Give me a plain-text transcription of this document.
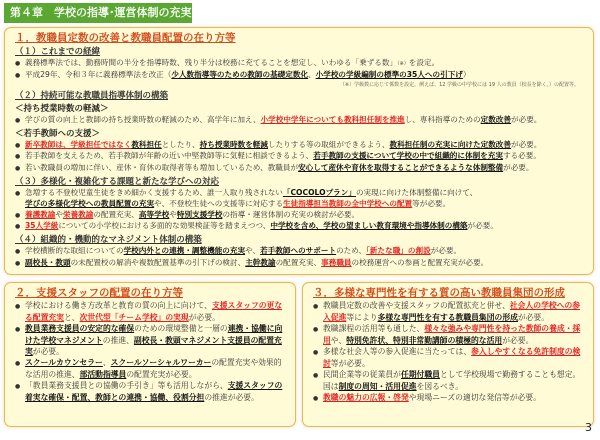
第４章　学校の指導･運営体制の充実
１．教職員定数の改善と教職員配置の在り方等
（１）これまでの経緯
● 義務標準法では、勤務時間の半分を指導時数、残り半分は校務に充てることを想定し、いわゆる「乗ずる数」（※）を設定。
● 平成29年、令和３年に義務標準法を改正（少人数指導等のための教師の基礎定数化、小学校の学級編制の標準の35人への引下げ）
（※）学級数に応じて係数を設定。例えば、12 学級の中学校には 19 人の教員（校長を除く。）の配置等。
（２）持続可能な教職員指導体制の構築
＜持ち授業時数の軽減＞
● 学びの質の向上と教師の持ち授業時数の軽減のため、高学年に加え、小学校中学年についても教科担任制を推進し、専科指導のための定数改善が必要。
＜若手教師への支援＞
● 新卒教師は、学級担任ではなく教科担任としたり、持ち授業時数を軽減したりする等の取組ができるよう、教科担任制の充実に向けた定数改善が必要。
● 若手教師を支えるため、若手教師が年齢の近い中堅教師等に気軽に相談できるよう、若手教師の支援について学校の中で組織的に体制を充実する必要。
● 若い教職員の増加に伴い、産休・育休の取得者等も増加しているため、教職員が安心して産休や育休を取得することができるような体制整備が必要。
（３）多様化・複雑化する課題と新たな学びへの対応
● 急増する不登校児童生徒をきめ細かく支援するため、誰一人取り残されない「COCOLOプラン」の実現に向けた体制整備に向けて、
学びの多様化学校への教員配置の充実や、不登校生徒への支援等に対応する生徒指導担当教師の全中学校への配置等が必要。
● 養護教諭や栄養教諭の配置充実、高等学校や特別支援学校の指導・運営体制の充実の検討が必要。
● 35人学級についての小学校における多面的な効果検証等を踏まえつつ、中学校を含め、学校の望ましい教育環境や指導体制の構築が必要。
（４）組織的・機動的なマネジメント体制の構築
● 学校横断的な取組についての学校内外との連携・調整機能の充実や、若手教師へのサポートのため、「新たな職」の創設が必要。
● 副校長・教頭の未配置校の解消や複数配置基準の引下げの検討、主幹教諭の配置充実、事務職員の校務運営への参画と配置充実が必要。
２．支援スタッフの配置の在り方等
● 学校における働き方改革と教育の質の向上に向けて、支援スタッフの更なる配置充実と、次世代型「チーム学校」の実現が必要。
● 教員業務支援員の安定的な確保のための環境整備と一層の連携・協働に向けた学校マネジメントの推進、副校長・教頭マネジメント支援員の配置充実が必要。
● スクールカウンセラー、スクールソーシャルワーカーの配置充実や効果的な活用の推進、部活動指導員の配置充実が必要。
● 「教員業務支援員との協働の手引き」等も活用しながら、支援スタッフの着実な確保・配置、教師との連携・協働、役割分担の推進が必要。
３．多様な専門性を有する質の高い教職員集団の形成
● 教職員定数の改善や支援スタッフの配置拡充と併せ、社会人の学校への参入促進等により多様な専門性を有する教職員集団の形成が必要。
● 教職課程の活用等も通した、様々な強みや専門性を持った教師の養成・採用や、特別免許状、特別非常勤講師の積極的な活用が必要。
● 多様な社会人等の参入促進に当たっては、参入しやすくなる免許制度の検討等が必要。
● 民間企業等の従業員が任期付職員として学校現場で勤務することも想定。国は制度の周知・活用促進を図るべき。
● 教職の魅力の広報・啓発や現場ニーズの適切な発信等が必要。
3
